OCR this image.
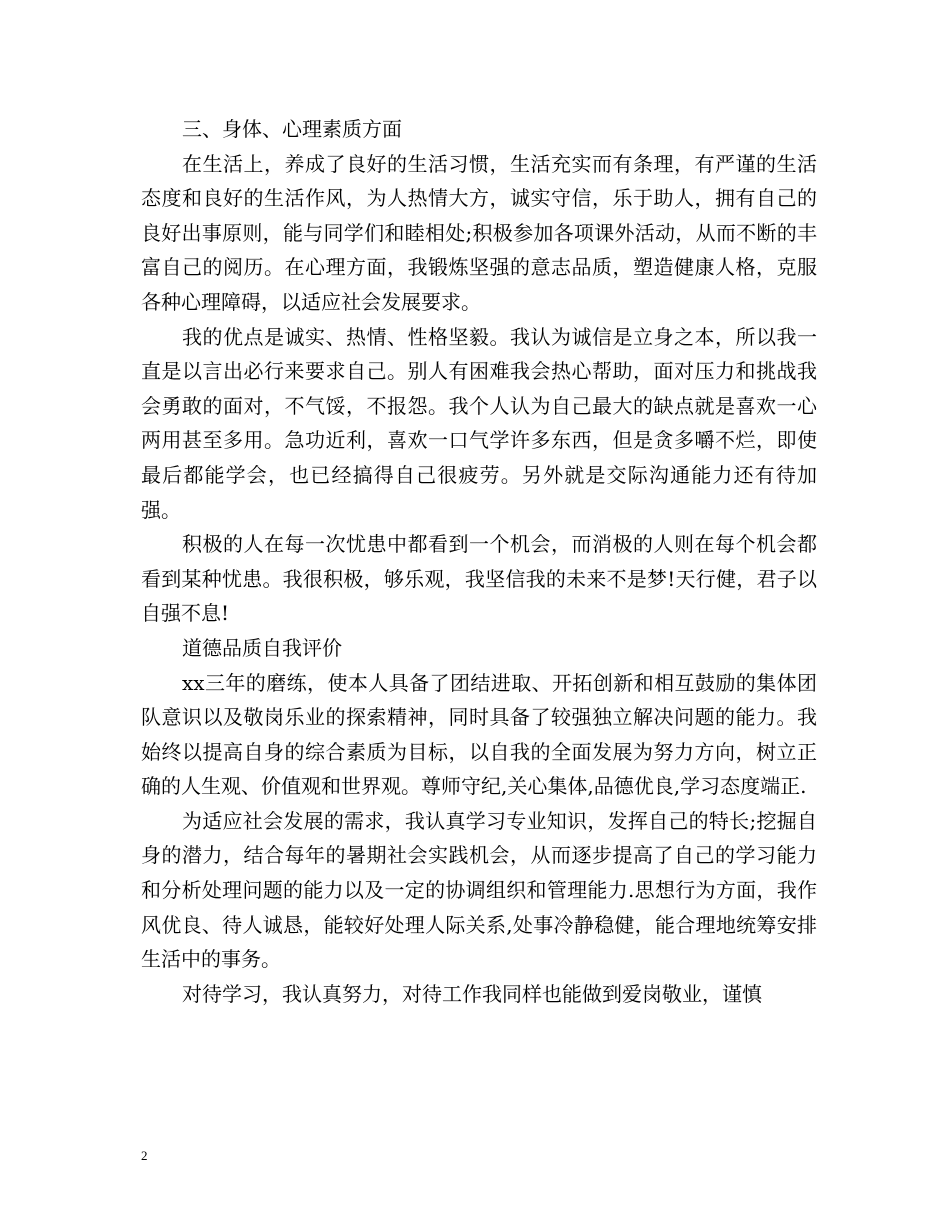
三、身体、心理素质方面

在生活上，养成了良好的生活习惯，生活充实而有条理，有严谨的生活态度和良好的生活作风，为人热情大方，诚实守信，乐于助人，拥有自己的良好出事原则，能与同学们和睦相处;积极参加各项课外活动，从而不断的丰富自己的阅历。在心理方面，我锻炼坚强的意志品质，塑造健康人格，克服各种心理障碍，以适应社会发展要求。

我的优点是诚实、热情、性格坚毅。我认为诚信是立身之本，所以我一直是以言出必行来要求自己。别人有困难我会热心帮助，面对压力和挑战我会勇敢的面对，不气馁，不报怨。我个人认为自己最大的缺点就是喜欢一心两用甚至多用。急功近利，喜欢一口气学许多东西，但是贪多嚼不烂，即使最后都能学会，也已经搞得自己很疲劳。另外就是交际沟通能力还有待加强。

积极的人在每一次忧患中都看到一个机会，而消极的人则在每个机会都看到某种忧患。我很积极，够乐观，我坚信我的未来不是梦!天行健，君子以自强不息!

道德品质自我评价

xx三年的磨练，使本人具备了团结进取、开拓创新和相互鼓励的集体团队意识以及敬岗乐业的探索精神，同时具备了较强独立解决问题的能力。我始终以提高自身的综合素质为目标，以自我的全面发展为努力方向，树立正确的人生观、价值观和世界观。尊师守纪,关心集体,品德优良,学习态度端正.

为适应社会发展的需求，我认真学习专业知识，发挥自己的特长;挖掘自身的潜力，结合每年的暑期社会实践机会，从而逐步提高了自己的学习能力和分析处理问题的能力以及一定的协调组织和管理能力.思想行为方面，我作风优良、待人诚恳，能较好处理人际关系,处事冷静稳健，能合理地统筹安排生活中的事务。

对待学习，我认真努力，对待工作我同样也能做到爱岗敬业，谨慎

2
